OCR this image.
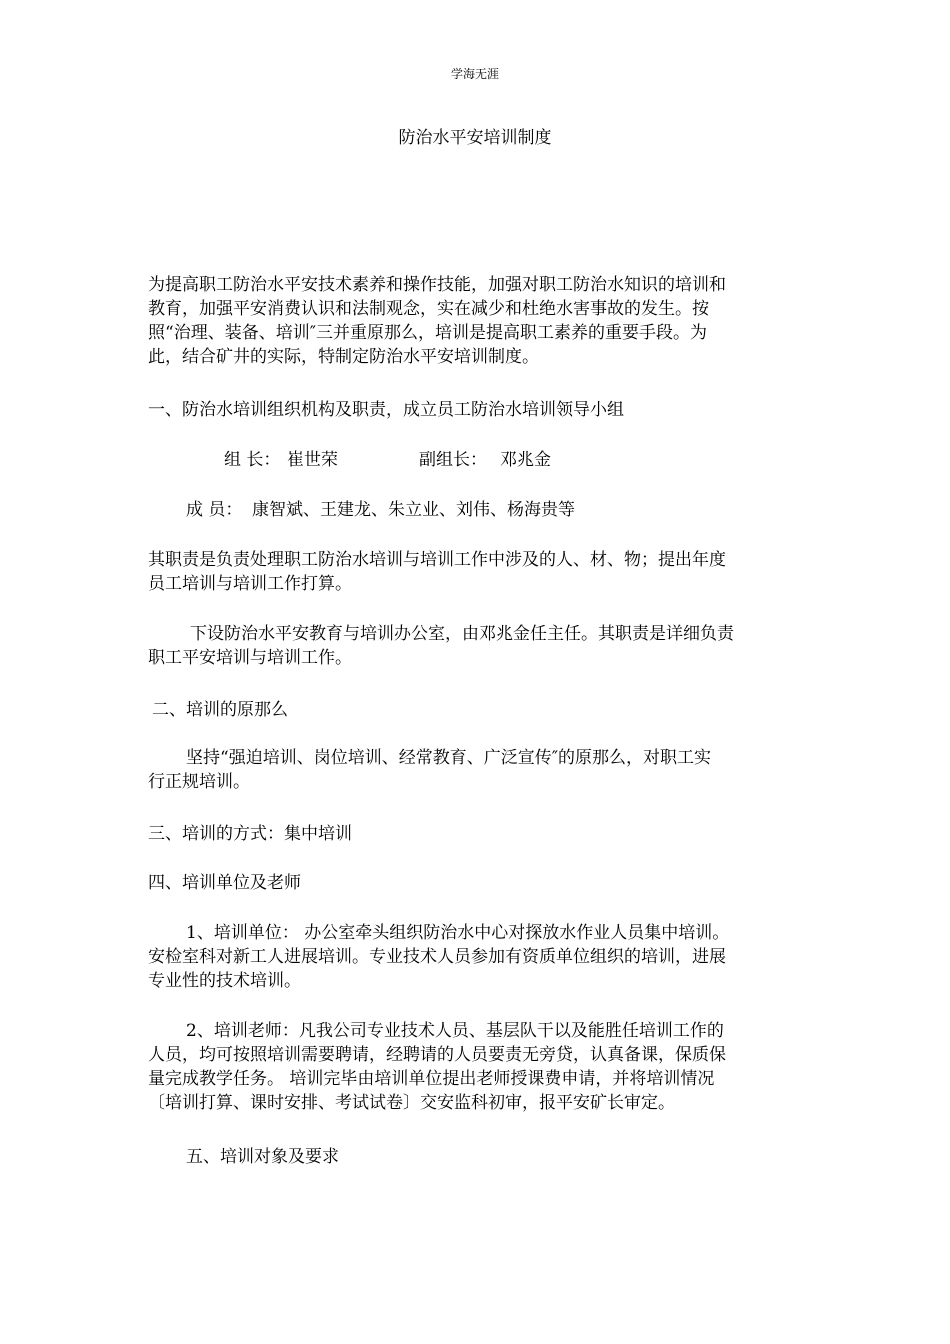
学海无涯
防治水平安培训制度
为提高职工防治水平安技术素养和操作技能，加强对职工防治水知识的培训和
教育，加强平安消费认识和法制观念，实在减少和杜绝水害事故的发生。按
照“治理、装备、培训″三并重原那么，培训是提高职工素养的重要手段。为
此，结合矿井的实际，特制定防治水平安培训制度。
一、防治水培训组织机构及职责，成立员工防治水培训领导小组
组 长： 崔世荣	副组长： 邓兆金
成 员： 康智斌、王建龙、朱立业、刘伟、杨海贵等
其职责是负责处理职工防治水培训与培训工作中涉及的人、材、物；提出年度
员工培训与培训工作打算。
下设防治水平安教育与培训办公室，由邓兆金任主任。其职责是详细负责
职工平安培训与培训工作。
二、培训的原那么
坚持“强迫培训、岗位培训、经常教育、广泛宣传″的原那么，对职工实
行正规培训。
三、培训的方式：集中培训
四、培训单位及老师
1、培训单位： 办公室牵头组织防治水中心对探放水作业人员集中培训。
安检室科对新工人进展培训。专业技术人员参加有资质单位组织的培训，进展
专业性的技术培训。
2、培训老师：凡我公司专业技术人员、基层队干以及能胜任培训工作的
人员，均可按照培训需要聘请，经聘请的人员要责无旁贷，认真备课，保质保
量完成教学任务。 培训完毕由培训单位提出老师授课费申请，并将培训情况
〔培训打算、课时安排、考试试卷〕交安监科初审，报平安矿长审定。
五、培训对象及要求
